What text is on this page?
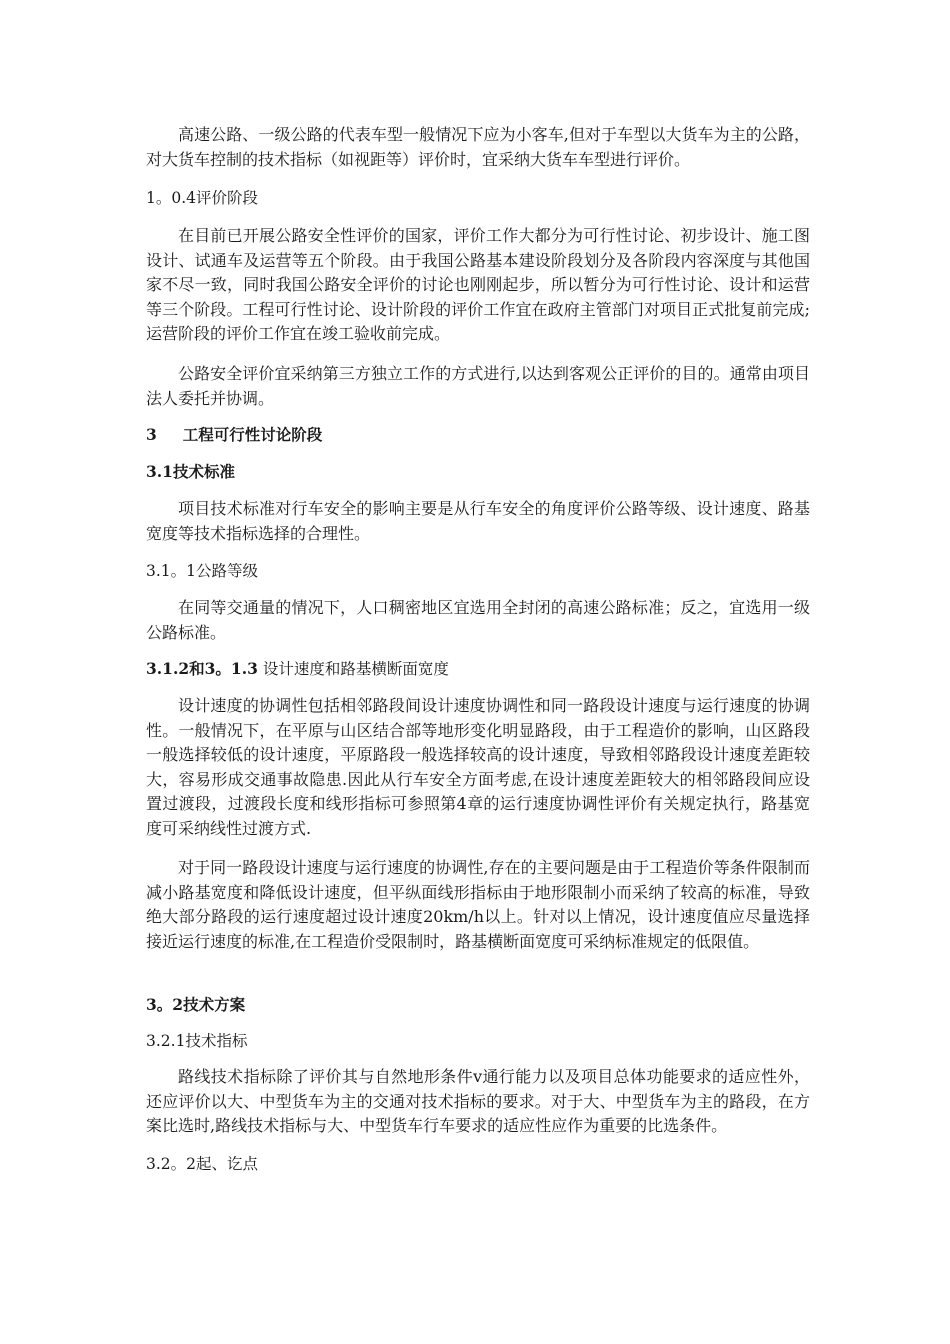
高速公路、一级公路的代表车型一般情况下应为小客车,但对于车型以大货车为主的公路，对大货车控制的技术指标（如视距等）评价时，宜采纳大货车车型进行评价。

1。0.4评价阶段

在目前已开展公路安全性评价的国家，评价工作大都分为可行性讨论、初步设计、施工图设计、试通车及运营等五个阶段。由于我国公路基本建设阶段划分及各阶段内容深度与其他国家不尽一致，同时我国公路安全评价的讨论也刚刚起步，所以暂分为可行性讨论、设计和运营等三个阶段。工程可行性讨论、设计阶段的评价工作宜在政府主管部门对项目正式批复前完成;运营阶段的评价工作宜在竣工验收前完成。

公路安全评价宜采纳第三方独立工作的方式进行,以达到客观公正评价的目的。通常由项目法人委托并协调。

3 工程可行性讨论阶段
3.1技术标准

项目技术标准对行车安全的影响主要是从行车安全的角度评价公路等级、设计速度、路基宽度等技术指标选择的合理性。

3.1。1公路等级

在同等交通量的情况下，人口稠密地区宜选用全封闭的高速公路标准；反之，宜选用一级公路标准。

3.1.2和3。1.3 设计速度和路基横断面宽度

设计速度的协调性包括相邻路段间设计速度协调性和同一路段设计速度与运行速度的协调性。一般情况下，在平原与山区结合部等地形变化明显路段，由于工程造价的影响，山区路段一般选择较低的设计速度，平原路段一般选择较高的设计速度，导致相邻路段设计速度差距较大，容易形成交通事故隐患.因此从行车安全方面考虑,在设计速度差距较大的相邻路段间应设置过渡段，过渡段长度和线形指标可参照第4章的运行速度协调性评价有关规定执行，路基宽度可采纳线性过渡方式.

对于同一路段设计速度与运行速度的协调性,存在的主要问题是由于工程造价等条件限制而减小路基宽度和降低设计速度，但平纵面线形指标由于地形限制小而采纳了较高的标准，导致绝大部分路段的运行速度超过设计速度20km/h以上。针对以上情况，设计速度值应尽量选择接近运行速度的标准,在工程造价受限制时，路基横断面宽度可采纳标准规定的低限值。

3。2技术方案
3.2.1技术指标

路线技术指标除了评价其与自然地形条件v通行能力以及项目总体功能要求的适应性外，还应评价以大、中型货车为主的交通对技术指标的要求。对于大、中型货车为主的路段，在方案比选时,路线技术指标与大、中型货车行车要求的适应性应作为重要的比选条件。

3.2。2起、讫点
